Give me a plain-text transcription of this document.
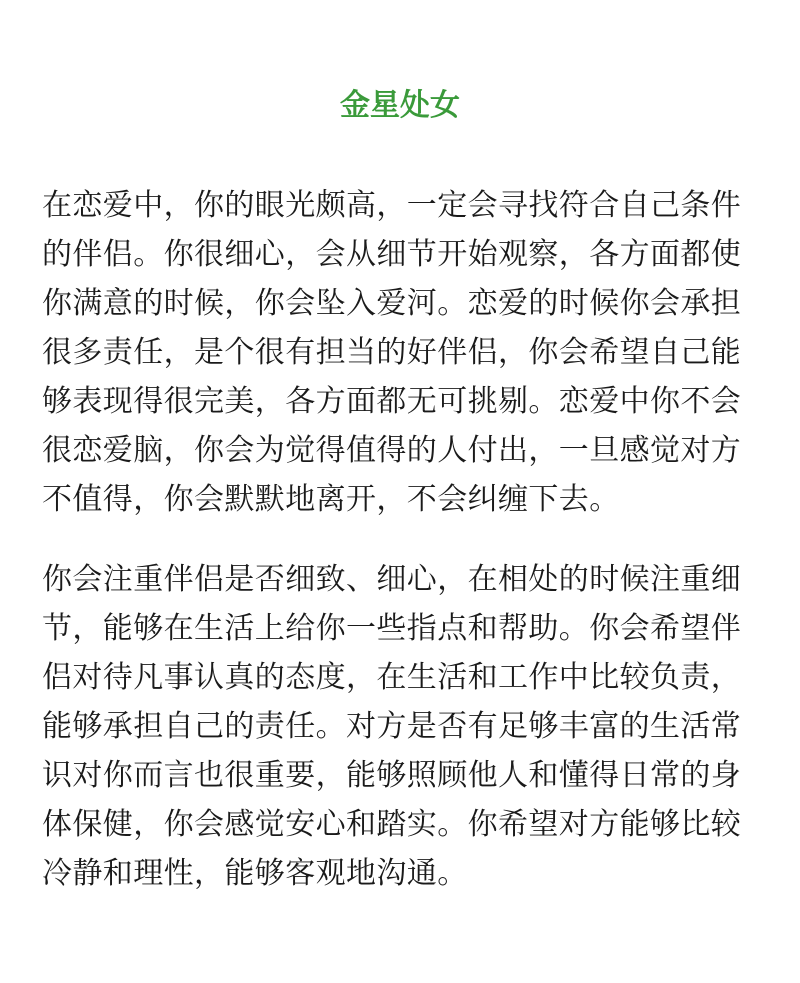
金星处女

在恋爱中，你的眼光颇高，一定会寻找符合自己条件
的伴侣。你很细心，会从细节开始观察，各方面都使
你满意的时候，你会坠入爱河。恋爱的时候你会承担
很多责任，是个很有担当的好伴侣，你会希望自己能
够表现得很完美，各方面都无可挑剔。恋爱中你不会
很恋爱脑，你会为觉得值得的人付出，一旦感觉对方
不值得，你会默默地离开，不会纠缠下去。

你会注重伴侣是否细致、细心，在相处的时候注重细
节，能够在生活上给你一些指点和帮助。你会希望伴
侣对待凡事认真的态度，在生活和工作中比较负责，
能够承担自己的责任。对方是否有足够丰富的生活常
识对你而言也很重要，能够照顾他人和懂得日常的身
体保健，你会感觉安心和踏实。你希望对方能够比较
冷静和理性，能够客观地沟通。
